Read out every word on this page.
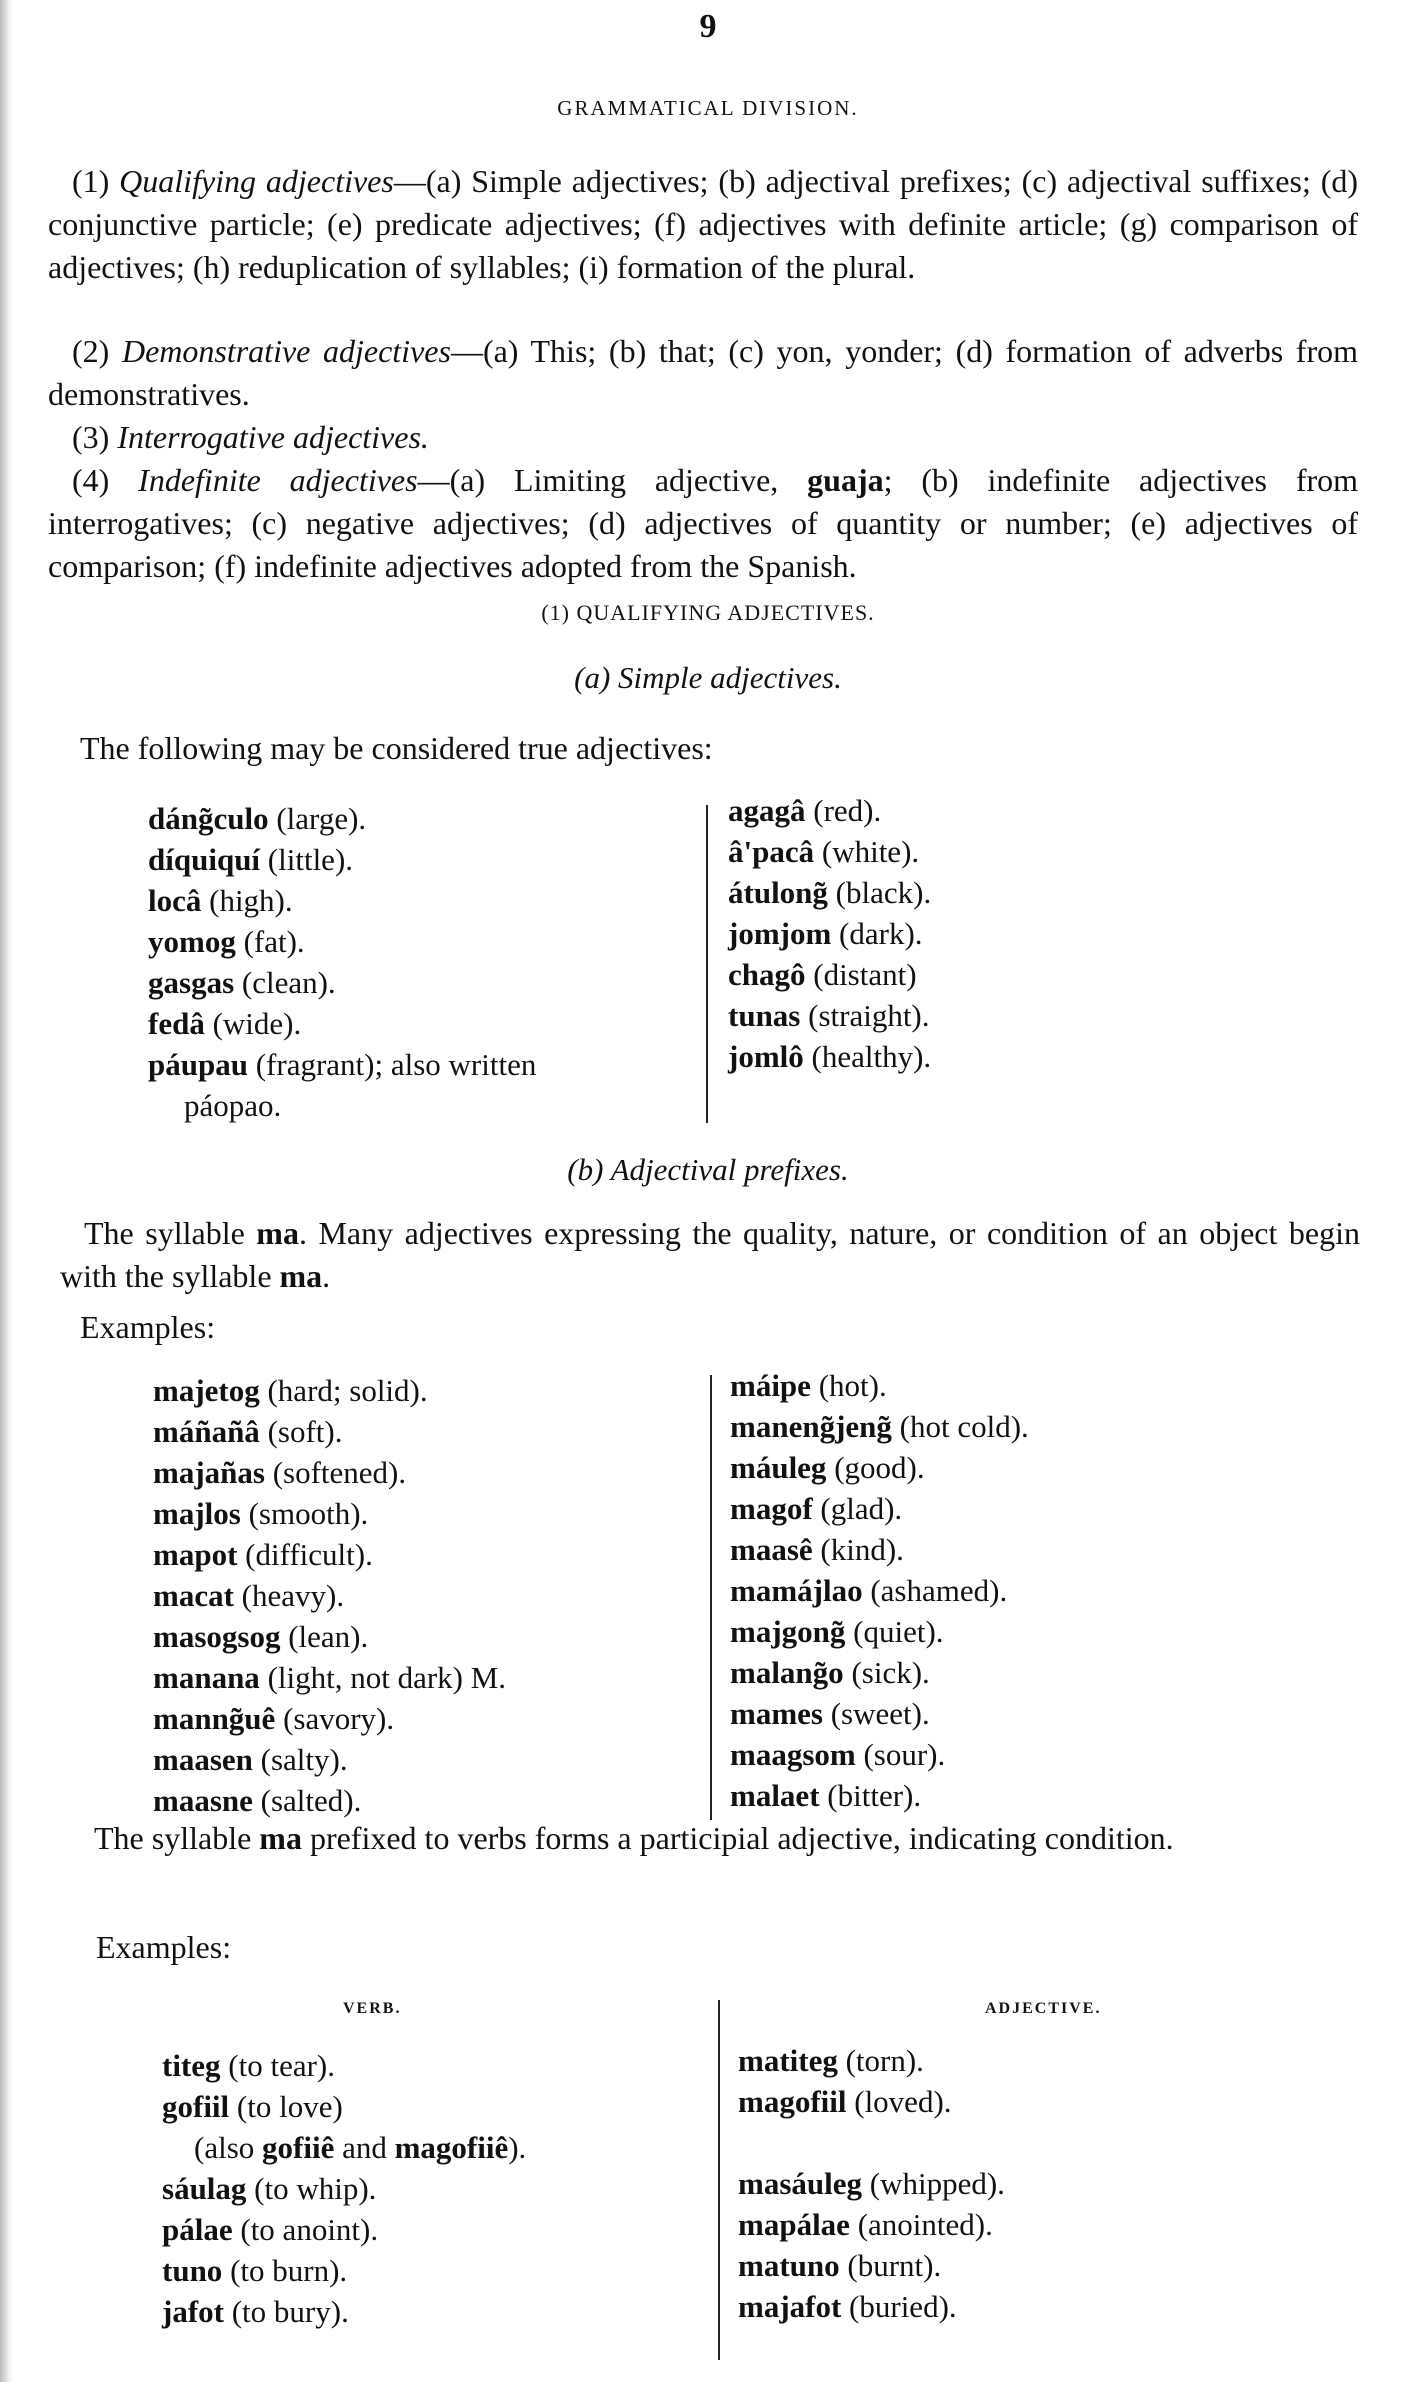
9
GRAMMATICAL DIVISION.

(1) Qualifying adjectives—(a) Simple adjectives; (b) adjectival prefixes; (c) adjectival suffixes; (d) conjunctive particle; (e) predicate adjectives; (f) adjectives with definite article; (g) comparison of adjectives; (h) reduplication of syllables; (i) formation of the plural.

(2) Demonstrative adjectives—(a) This; (b) that; (c) yon, yonder; (d) formation of adverbs from demonstratives.

(3) Interrogative adjectives.

(4) Indefinite adjectives—(a) Limiting adjective, guaja; (b) indefinite adjectives from interrogatives; (c) negative adjectives; (d) adjectives of quantity or number; (e) adjectives of comparison; (f) indefinite adjectives adopted from the Spanish.

(1) QUALIFYING ADJECTIVES.
(a) Simple adjectives.

The following may be considered true adjectives:

dáng̃culo (large).
díquiquí (little).
locâ (high).
yomog (fat).
gasgas (clean).
fedâ (wide).
páupau (fragrant); also written
páopao.
agagâ (red).
â'pacâ (white).
átulong̃ (black).
jomjom (dark).
chagô (distant)
tunas (straight).
jomlô (healthy).
(b) Adjectival prefixes.

The syllable ma. Many adjectives expressing the quality, nature, or condition of an object begin with the syllable ma.

Examples:

majetog (hard; solid).
máñañâ (soft).
majañas (softened).
majlos (smooth).
mapot (difficult).
macat (heavy).
masogsog (lean).
manana (light, not dark) M.
manng̃uê (savory).
maasen (salty).
maasne (salted).
máipe (hot).
maneng̃jeng̃ (hot cold).
máuleg (good).
magof (glad).
maasê (kind).
mamájlao (ashamed).
majgong̃ (quiet).
malang̃o (sick).
mames (sweet).
maagsom (sour).
malaet (bitter).

The syllable ma prefixed to verbs forms a participial adjective, indicating condition.

Examples:

VERB.	ADJECTIVE.
titeg (to tear).
gofiil (to love)
(also gofiiê and magofiiê).
sáulag (to whip).
pálae (to anoint).
tuno (to burn).
jafot (to bury).
matiteg (torn).
magofiil (loved).

masáuleg (whipped).
mapálae (anointed).
matuno (burnt).
majafot (buried).
